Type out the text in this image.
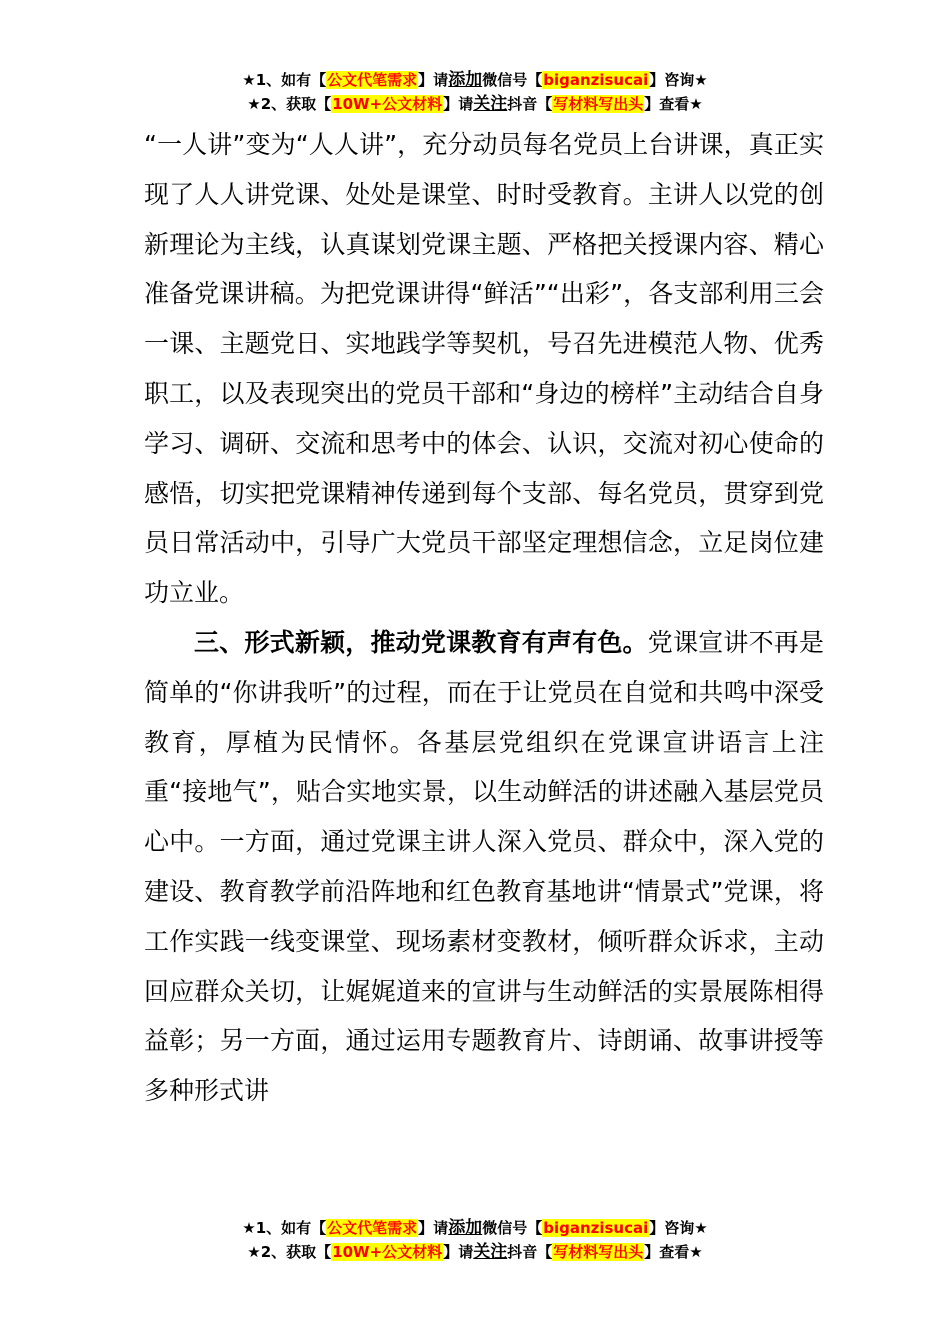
★1、如有【公文代笔需求】请添加微信号【biganzisucai】咨询★
★2、获取【10W+公文材料】请关注抖音【写材料写出头】查看★

“一人讲”变为“人人讲”，充分动员每名党员上台讲课，真正实现了人人讲党课、处处是课堂、时时受教育。主讲人以党的创新理论为主线，认真谋划党课主题、严格把关授课内容、精心准备党课讲稿。为把党课讲得“鲜活”“出彩”，各支部利用三会一课、主题党日、实地践学等契机，号召先进模范人物、优秀职工，以及表现突出的党员干部和“身边的榜样”主动结合自身学习、调研、交流和思考中的体会、认识，交流对初心使命的感悟，切实把党课精神传递到每个支部、每名党员，贯穿到党员日常活动中，引导广大党员干部坚定理想信念，立足岗位建功立业。

三、形式新颖，推动党课教育有声有色。党课宣讲不再是简单的“你讲我听”的过程，而在于让党员在自觉和共鸣中深受教育，厚植为民情怀。各基层党组织在党课宣讲语言上注重“接地气”，贴合实地实景，以生动鲜活的讲述融入基层党员心中。一方面，通过党课主讲人深入党员、群众中，深入党的建设、教育教学前沿阵地和红色教育基地讲“情景式”党课，将工作实践一线变课堂、现场素材变教材，倾听群众诉求，主动回应群众关切，让娓娓道来的宣讲与生动鲜活的实景展陈相得益彰；另一方面，通过运用专题教育片、诗朗诵、故事讲授等多种形式讲

★1、如有【公文代笔需求】请添加微信号【biganzisucai】咨询★
★2、获取【10W+公文材料】请关注抖音【写材料写出头】查看★
